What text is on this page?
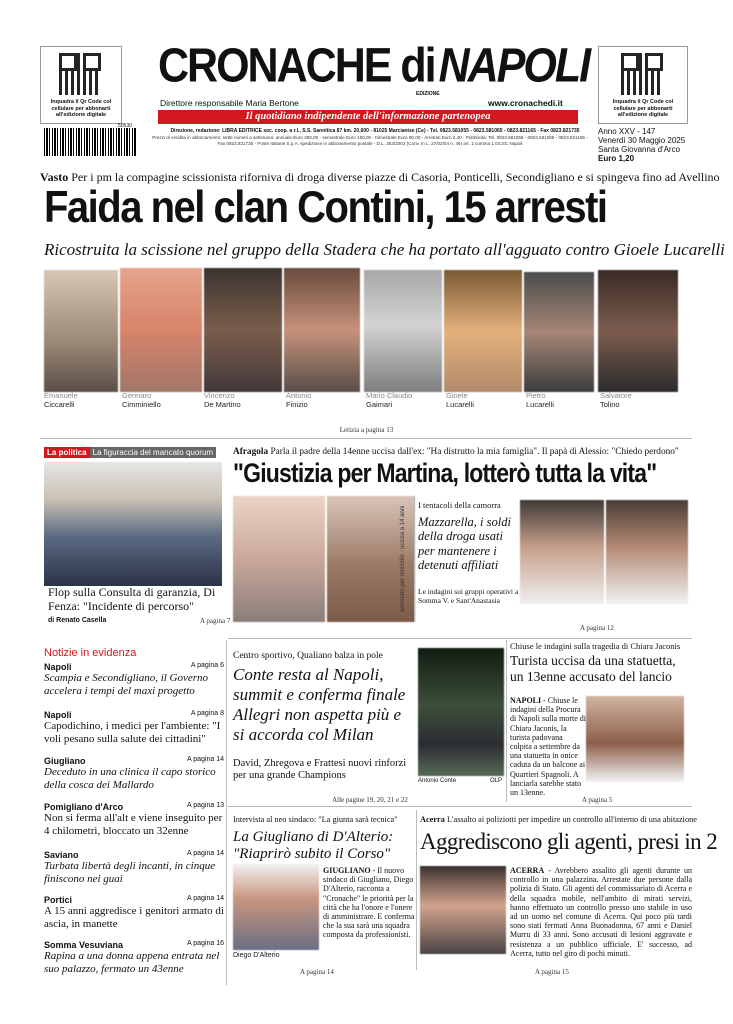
Inquadra il Qr Code col cellulare per abbonarti all'edizione digitale
Inquadra il Qr Code col cellulare per abbonarti all'edizione digitale
CRONACHE di NAPOLI
EDIZIONE
Direttore responsabile Maria Bertone	www.cronachedi.it
Il quotidiano indipendente dell'informazione partenopea
50530
Direzione, redazione: LIBRA EDITRICE soc. coop. a r.l., S.S. Sannitica 87 km. 20,600 - 81025 Marcianise (Ce) - Tel. 0823.581055 - 0823.581065 - 0823.821165 - Fax 0823.821735
Prezzi di vendita in abbonamento: sette numeri a settimana: annuale Euro 260,00 - semestrale Euro 150,00 - trimestrale Euro 90,00 - Arretrati Euro 2,40 - Pubblicità: Tel. 0823.581055 - 0823.581065 - 0823.821165 - Fax 0823.821735 - Poste Italiane S.p.A. spedizione in abbonamento postale - D.L. 353/2003 (Conv. in L. 27/02/04 n. 46) art. 1 comma 1 DCSC Napoli
Anno XXV - 147
Venerdì 30 Maggio 2025
Santa Giovanna d'Arco
Euro 1,20
Vasto Per i pm la compagine scissionista riforniva di droga diverse piazze di Casoria, Ponticelli, Secondigliano e si spingeva fino ad Avellino
Faida nel clan Contini, 15 arresti
Ricostruita la scissione nel gruppo della Stadera che ha portato all'agguato contro Gioele Lucarelli
Emanuele
Ciccarelli
Gennaro
Cimminiello
Vincenzo
De Martino
Antonio
Finizio
Mario Claudio
Gaimari
Gioele
Lucarelli
Pietro
Lucarelli
Salvatore
Tolino
Letizia a pagina 13
La politica La figuraccia del mancato quorum
Flop sulla Consulta di garanzia, Di Fenza: "Incidente di percorso"
di Renato Casella	A pagina 7
Afragola Parla il padre della 14enne uccisa dall'ex: "Ha distrutto la mia famiglia". Il papà di Alessio: "Chiedo perdono"
"Giustizia per Martina, lotterò tutta la vita"
arrestato per omicidio · uccisa a 14 anni
I tentacoli della camorra
Mazzarella, i soldi della droga usati per mantenere i detenuti affiliati
Le indagini sui gruppi operativi a Somma V. e Sant'Anastasia
A pagina 12
Notizie in evidenza
Napoli	A pagina 6
Scampia e Secondigliano, il Governo accelera i tempi del maxi progetto
Napoli	A pagina 8
Capodichino, i medici per l'ambiente: "I voli pesano sulla salute dei cittadini"
Giugliano	A pagina 14
Deceduto in una clinica il capo storico della cosca dei Mallardo
Pomigliano d'Arco	A pagina 13
Non si ferma all'alt e viene inseguito per 4 chilometri, bloccato un 32enne
Saviano	A pagina 14
Turbata libertà degli incanti, in cinque finiscono nei guai
Portici	A pagina 14
A 15 anni aggredisce i genitori armato di ascia, in manette
Somma Vesuviana	A pagina 16
Rapina a una donna appena entrata nel suo palazzo, fermato un 43enne
Centro sportivo, Qualiano balza in pole
Conte resta al Napoli, summit e conferma finale Allegri non aspetta più e si accorda col Milan
David, Zhregova e Frattesi nuovi rinforzi per una grande Champions
Antonio Conte	OLP
Alle pagine 19, 20, 21 e 22
Chiuse le indagini sulla tragedia di Chiara Jaconis
Turista uccisa da una statuetta, un 13enne accusato del lancio
NAPOLI - Chiuse le indagini della Procura di Napoli sulla morte di Chiara Jaconis, la turista padovana colpita a settembre da una statuetta in onice caduta da un balcone ai Quartieri Spagnoli. A lanciarla sarebbe stato un 13enne.
A pagina 5
Intervista al neo sindaco: "La giunta sarà tecnica"
La Giugliano di D'Alterio: "Riaprirò subito il Corso"
Diego D'Alterio
GIUGLIANO - Il nuovo sindaco di Giugliano, Diego D'Alterio, racconta a "Cronache" le priorità per la città che ha l'onore e l'onere di amministrare. E conferma che la sua sarà una squadra composta da professionisti.
A pagina 14
Acerra L'assalto ai poliziotti per impedire un controllo all'interno di una abitazione
Aggrediscono gli agenti, presi in 2
ACERRA - Avrebbero assalito gli agenti durante un controllo in una palazzina. Arrestate due persone dalla polizia di Stato. Gli agenti del commissariato di Acerra e della squadra mobile, nell'ambito di mirati servizi, hanno effettuato un controllo presso uno stabile in uso ad un uomo nel comune di Acerra. Qui poco più tardi sono stati fermati Anna Buonadonna, 67 anni e Daniel Murru di 33 anni. Sono accusati di lesioni aggravate e resistenza a un pubblico ufficiale. E' successo, ad Acerra, tutto nel giro di pochi minuti.
A pagina 15
